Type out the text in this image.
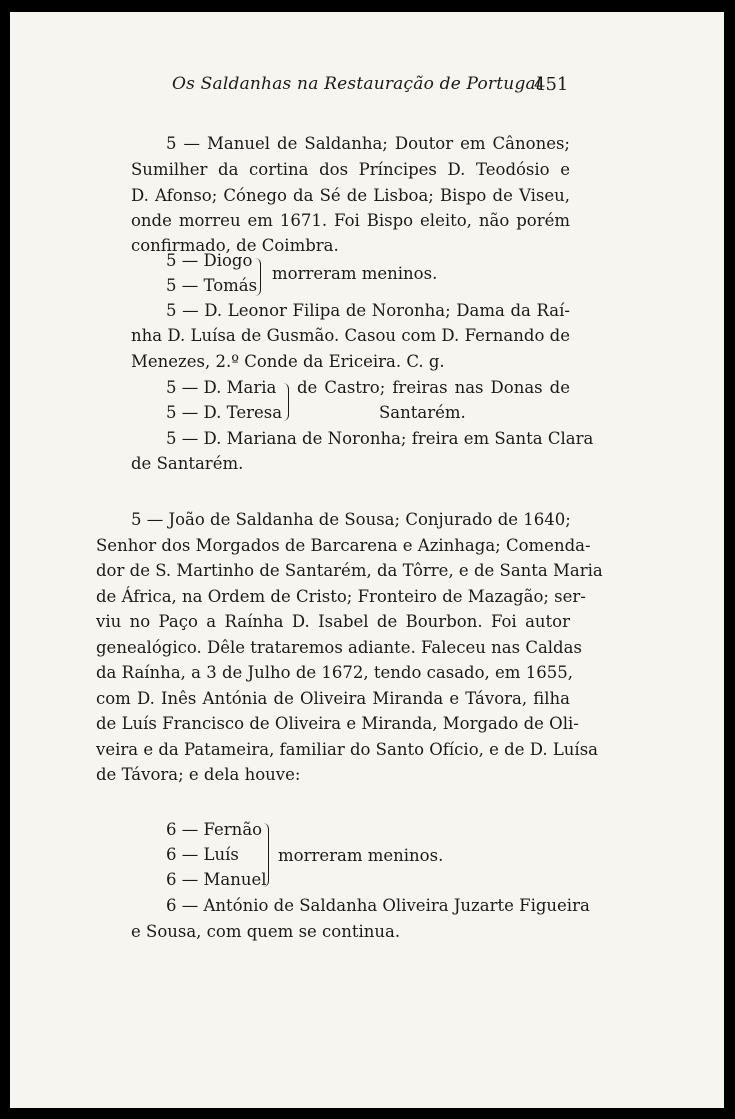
Os Saldanhas na Restauração de Portugal
451
5 — Manuel de Saldanha; Doutor em Cânones;
Sumilher da cortina dos Príncipes D. Teodósio e
D. Afonso; Cónego da Sé de Lisboa; Bispo de Viseu,
onde morreu em 1671. Foi Bispo eleito, não porém
confirmado, de Coimbra.
5 — Diogo
5 — Tomás
morreram meninos.
5 — D. Leonor Filipa de Noronha; Dama da Raí-
nha D. Luísa de Gusmão. Casou com D. Fernando de
Menezes, 2.º Conde da Ericeira. C. g.
5 — D. Maria
5 — D. Teresa
de Castro; freiras nas Donas de
Santarém.
5 — D. Mariana de Noronha; freira em Santa Clara
de Santarém.
5 — João de Saldanha de Sousa; Conjurado de 1640;
Senhor dos Morgados de Barcarena e Azinhaga; Comenda-
dor de S. Martinho de Santarém, da Tôrre, e de Santa Maria
de África, na Ordem de Cristo; Fronteiro de Mazagão; ser-
viu no Paço a Raínha D. Isabel de Bourbon. Foi autor
genealógico. Dêle trataremos adiante. Faleceu nas Caldas
da Raínha, a 3 de Julho de 1672, tendo casado, em 1655,
com D. Inês Antónia de Oliveira Miranda e Távora, filha
de Luís Francisco de Oliveira e Miranda, Morgado de Oli-
veira e da Patameira, familiar do Santo Ofício, e de D. Luísa
de Távora; e dela houve:
6 — Fernão
6 — Luís
6 — Manuel
morreram meninos.
6 — António de Saldanha Oliveira Juzarte Figueira
e Sousa, com quem se continua.
